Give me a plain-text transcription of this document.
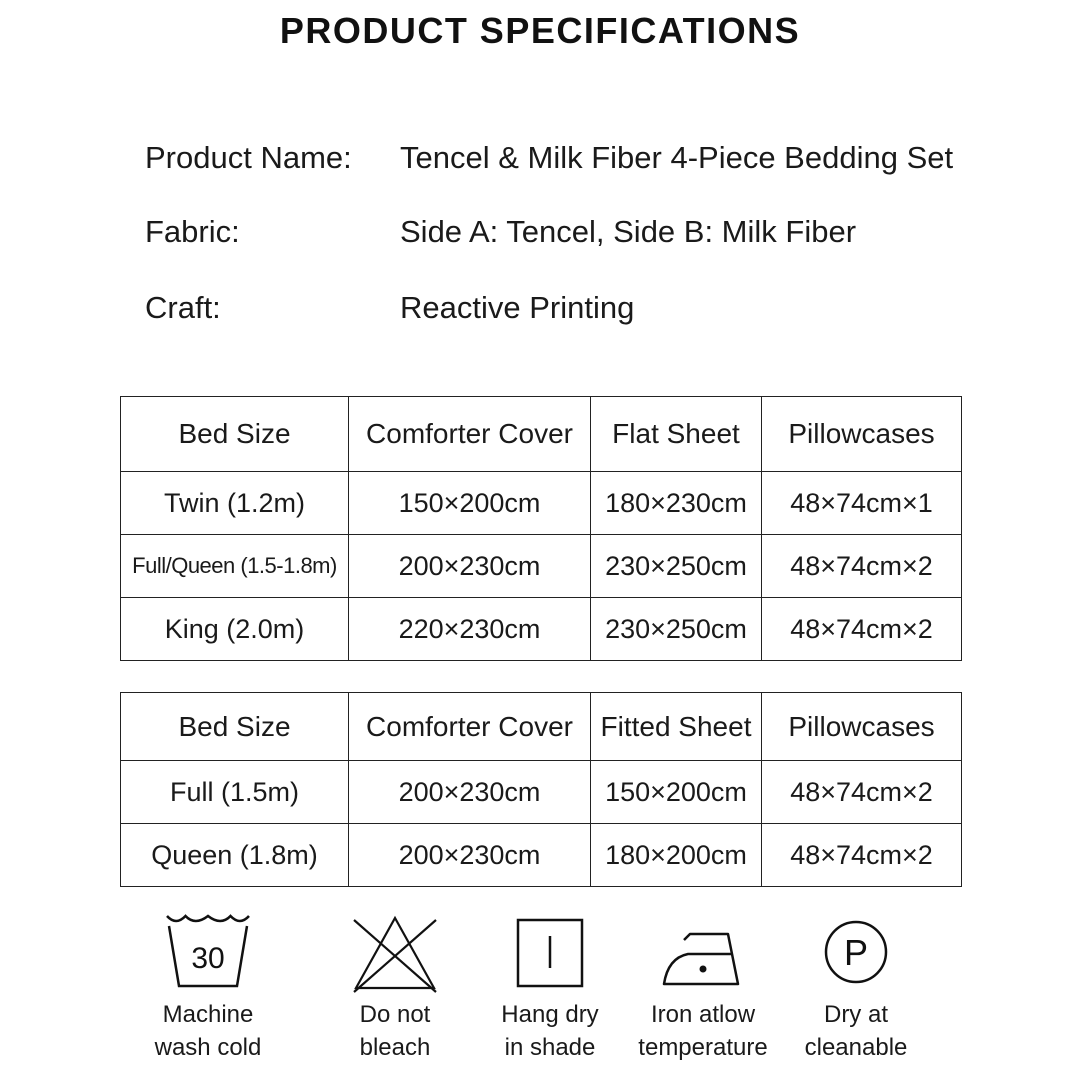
PRODUCT SPECIFICATIONS
Product Name: Tencel & Milk Fiber 4-Piece Bedding Set
Fabric:	Side A: Tencel, Side B: Milk Fiber
Craft:	Reactive Printing
Bed Size	Comforter Cover	Flat Sheet	Pillowcases
Twin (1.2m)	150×200cm	180×230cm	48×74cm×1
Full/Queen (1.5-1.8m)	200×230cm	230×250cm	48×74cm×2
King (2.0m)	220×230cm	230×250cm	48×74cm×2
Bed Size	Comforter Cover	Fitted Sheet	Pillowcases
Full (1.5m)	200×230cm	150×200cm	48×74cm×2
Queen (1.8m)	200×230cm	180×200cm	48×74cm×2
30
Machine
wash cold
Do not
bleach
Hang dry
in shade
Iron atlow
temperature
P
Dry at
cleanable
